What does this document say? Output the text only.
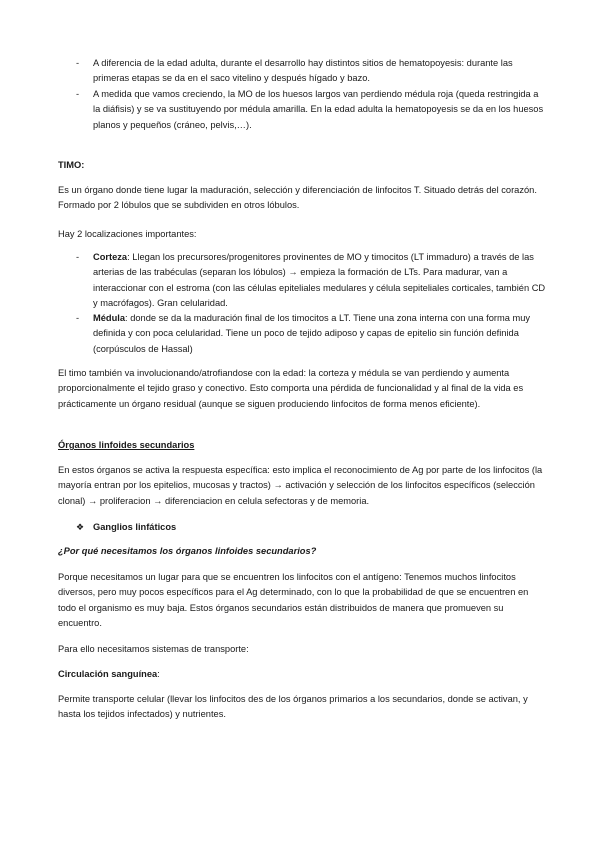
- A diferencia de la edad adulta, durante el desarrollo hay distintos sitios de hematopoyesis: durante las primeras etapas se da en el saco vitelino y después hígado y bazo.

- A medida que vamos creciendo, la MO de los huesos largos van perdiendo médula roja (queda restringida a la diáfisis) y se va sustituyendo por médula amarilla. En la edad adulta la hematopoyesis se da en los huesos planos y pequeños (cráneo, pelvis,…).

TIMO:

Es un órgano donde tiene lugar la maduración, selección y diferenciación de linfocitos T. Situado detrás del corazón. Formado por 2 lóbulos que se subdividen en otros lóbulos.

Hay 2 localizaciones importantes:

- Corteza: Llegan los precursores/progenitores provinentes de MO y timocitos (LT immaduro) a través de las arterias de las trabéculas (separan los lóbulos) → empieza la formación de LTs. Para madurar, van a interaccionar con el estroma (con las células epiteliales medulares y célula sepiteliales corticales, también CD y macrófagos). Gran celularidad.

- Médula: donde se da la maduración final de los timocitos a LT. Tiene una zona interna con una forma muy definida y con poca celularidad. Tiene un poco de tejido adiposo y capas de epitelio sin función definida (corpúsculos de Hassal)

El timo también va involucionando/atrofiandose con la edad: la corteza y médula se van perdiendo y aumenta proporcionalmente el tejido graso y conectivo. Esto comporta una pérdida de funcionalidad y al final de la vida es prácticamente un órgano residual (aunque se siguen produciendo linfocitos de forma menos eficiente).

Órganos linfoides secundarios

En estos órganos se activa la respuesta específica: esto implica el reconocimiento de Ag por parte de los linfocitos (la mayoría entran por los epitelios, mucosas y tractos) → activación y selección de los linfocitos específicos (selección clonal) → proliferacion → diferenciacion en celula sefectoras y de memoria.

❖ Ganglios linfáticos

¿Por qué necesitamos los órganos linfoides secundarios?

Porque necesitamos un lugar para que se encuentren los linfocitos con el antígeno: Tenemos muchos linfocitos diversos, pero muy pocos específicos para el Ag determinado, con lo que la probabilidad de que se encuentren en todo el organismo es muy baja. Estos órganos secundarios están distribuidos de manera que promueven su encuentro.

Para ello necesitamos sistemas de transporte:

Circulación sanguínea:

Permite transporte celular (llevar los linfocitos des de los órganos primarios a los secundarios, donde se activan, y hasta los tejidos infectados) y nutrientes.
